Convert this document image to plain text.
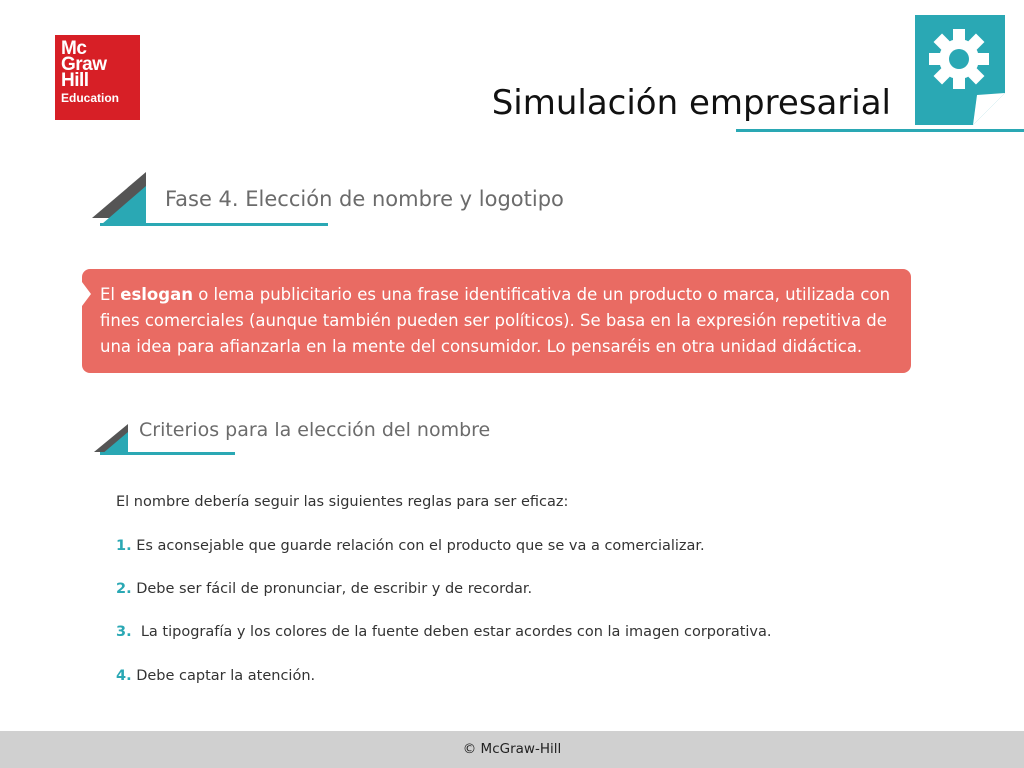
Mc
Graw
Hill
Education	Simulación empresarial
Fase 4. Elección de nombre y logotipo
El eslogan o lema publicitario es una frase identificativa de un producto o marca, utilizada con fines comerciales (aunque también pueden ser políticos). Se basa en la expresión repetitiva de una idea para afianzarla en la mente del consumidor. Lo pensaréis en otra unidad didáctica.
Criterios para la elección del nombre
El nombre debería seguir las siguientes reglas para ser eficaz:
1. Es aconsejable que guarde relación con el producto que se va a comercializar.
2. Debe ser fácil de pronunciar, de escribir y de recordar.
3.  La tipografía y los colores de la fuente deben estar acordes con la imagen corporativa.
4. Debe captar la atención.
© McGraw-Hill
